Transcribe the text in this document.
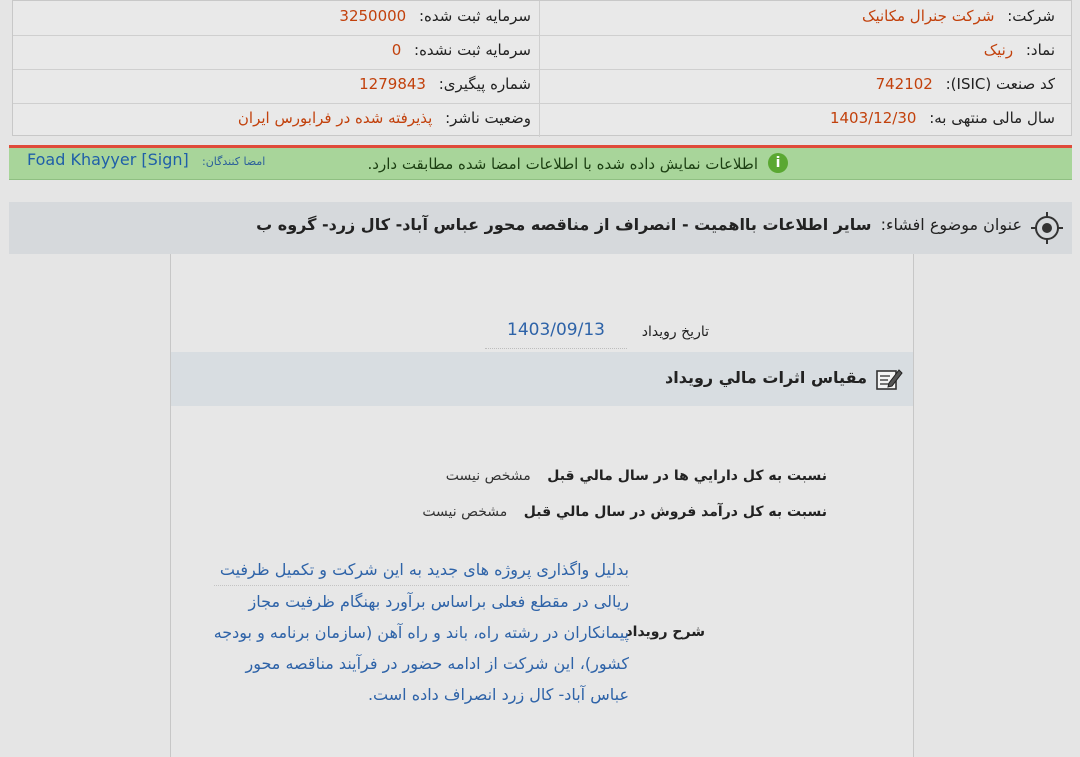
شرکت: شرکت جنرال مکانیک
سرمایه ثبت شده: 3250000
نماد: رنیک
سرمایه ثبت نشده: 0
کد صنعت (ISIC): 742102
شماره پیگیری: 1279843
سال مالی منتهی به: 1403/12/30
وضعیت ناشر: پذیرفته شده در فرابورس ایران
i
اطلاعات نمایش داده شده با اطلاعات امضا شده مطابقت دارد.
امضا کنندگان:
Foad Khayyer [Sign]
عنوان موضوع افشاء: ساير اطلاعات بااهميت - انصراف از مناقصه محور عباس آباد- کال زرد- گروه ب
تاريخ رويداد
1403/09/13
مقياس اثرات مالي رويداد
نسبت به کل دارايي ها در سال مالي قبل مشخص نيست
نسبت به کل درآمد فروش در سال مالي قبل مشخص نيست
شرح رويداد
بدليل واگذاری پروژه های جدید به این شرکت و تکمیل ظرفیت
ریالی در مقطع فعلی براساس برآورد بهنگام ظرفیت مجاز
پیمانکاران در رشته راه، باند و راه آهن (سازمان برنامه و بودجه
کشور)، این شرکت از ادامه حضور در فرآیند مناقصه محور
عباس آباد- کال زرد انصراف داده است.
